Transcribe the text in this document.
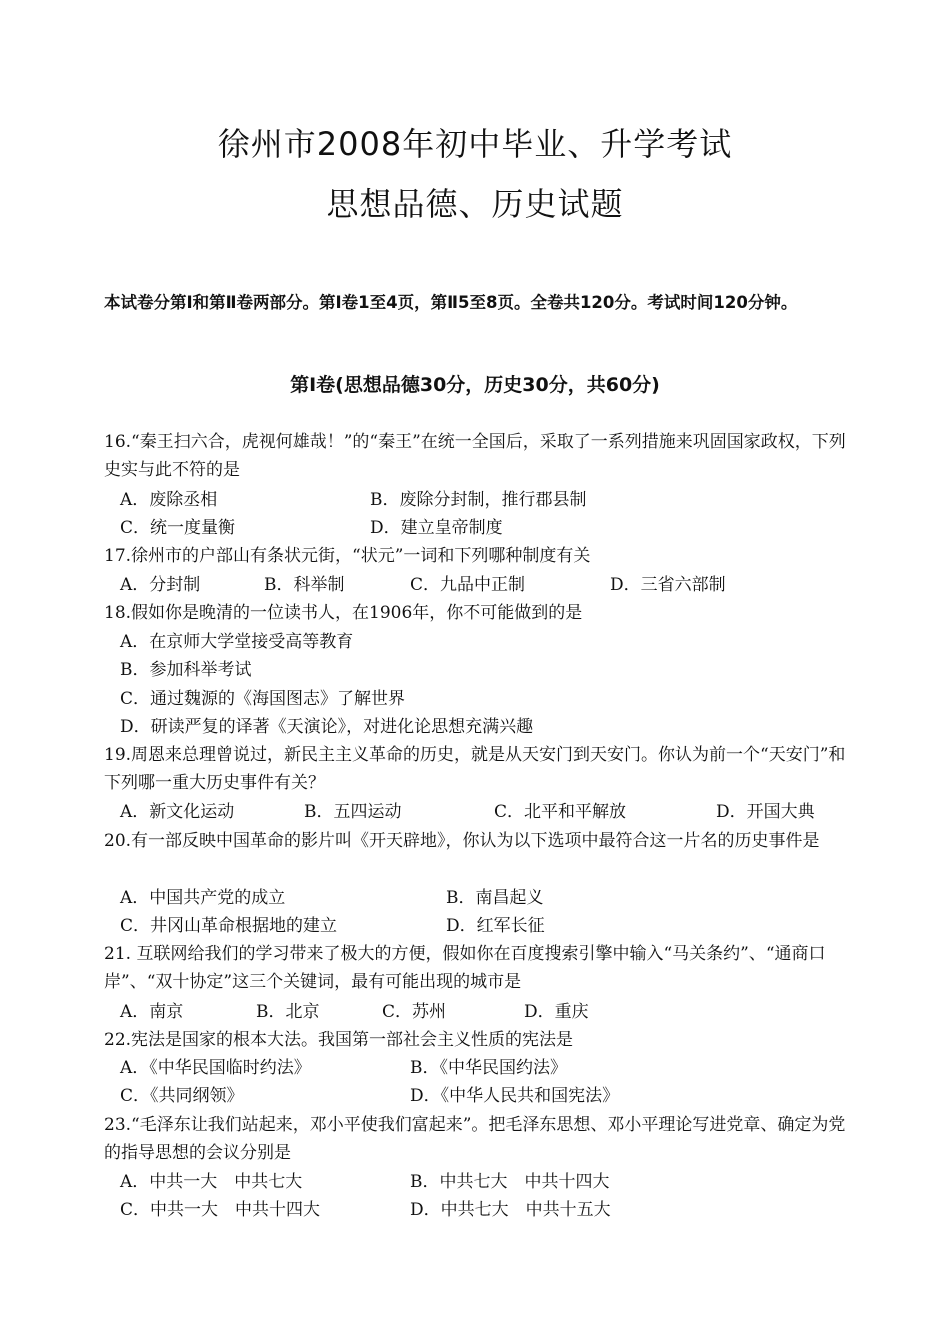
徐州市2008年初中毕业、升学考试
思想品德、历史试题
本试卷分第Ⅰ和第Ⅱ卷两部分。第Ⅰ卷1至4页，第Ⅱ5至8页。全卷共120分。考试时间120分钟。
第Ⅰ卷(思想品德30分，历史30分，共60分)
16.“秦王扫六合，虎视何雄哉！”的“秦王”在统一全国后，采取了一系列措施来巩固国家政权，下列史实与此不符的是
A．废除丞相	B．废除分封制，推行郡县制
C．统一度量衡	D．建立皇帝制度
17.徐州市的户部山有条状元街，“状元”一词和下列哪种制度有关
A．分封制	B．科举制	C．九品中正制	D．三省六部制
18.假如你是晚清的一位读书人，在1906年，你不可能做到的是
A．在京师大学堂接受高等教育
B．参加科举考试
C．通过魏源的《海国图志》了解世界
D．研读严复的译著《天演论》，对进化论思想充满兴趣
19.周恩来总理曾说过，新民主主义革命的历史，就是从天安门到天安门。你认为前一个“天安门”和下列哪一重大历史事件有关？
A．新文化运动	B．五四运动	C．北平和平解放	D．开国大典
20.有一部反映中国革命的影片叫《开天辟地》，你认为以下选项中最符合这一片名的历史事件是
A．中国共产党的成立	B．南昌起义
C．井冈山革命根据地的建立	D．红军长征
21. 互联网给我们的学习带来了极大的方便，假如你在百度搜索引擎中输入“马关条约”、“通商口岸”、“双十协定”这三个关键词，最有可能出现的城市是
A．南京	B．北京	C．苏州	D．重庆
22.宪法是国家的根本大法。我国第一部社会主义性质的宪法是
A．《中华民国临时约法》	B．《中华民国约法》
C．《共同纲领》	D．《中华人民共和国宪法》
23.“毛泽东让我们站起来，邓小平使我们富起来”。把毛泽东思想、邓小平理论写进党章、确定为党的指导思想的会议分别是
A．中共一大　中共七大	B．中共七大　中共十四大
C．中共一大　中共十四大	D．中共七大　中共十五大
